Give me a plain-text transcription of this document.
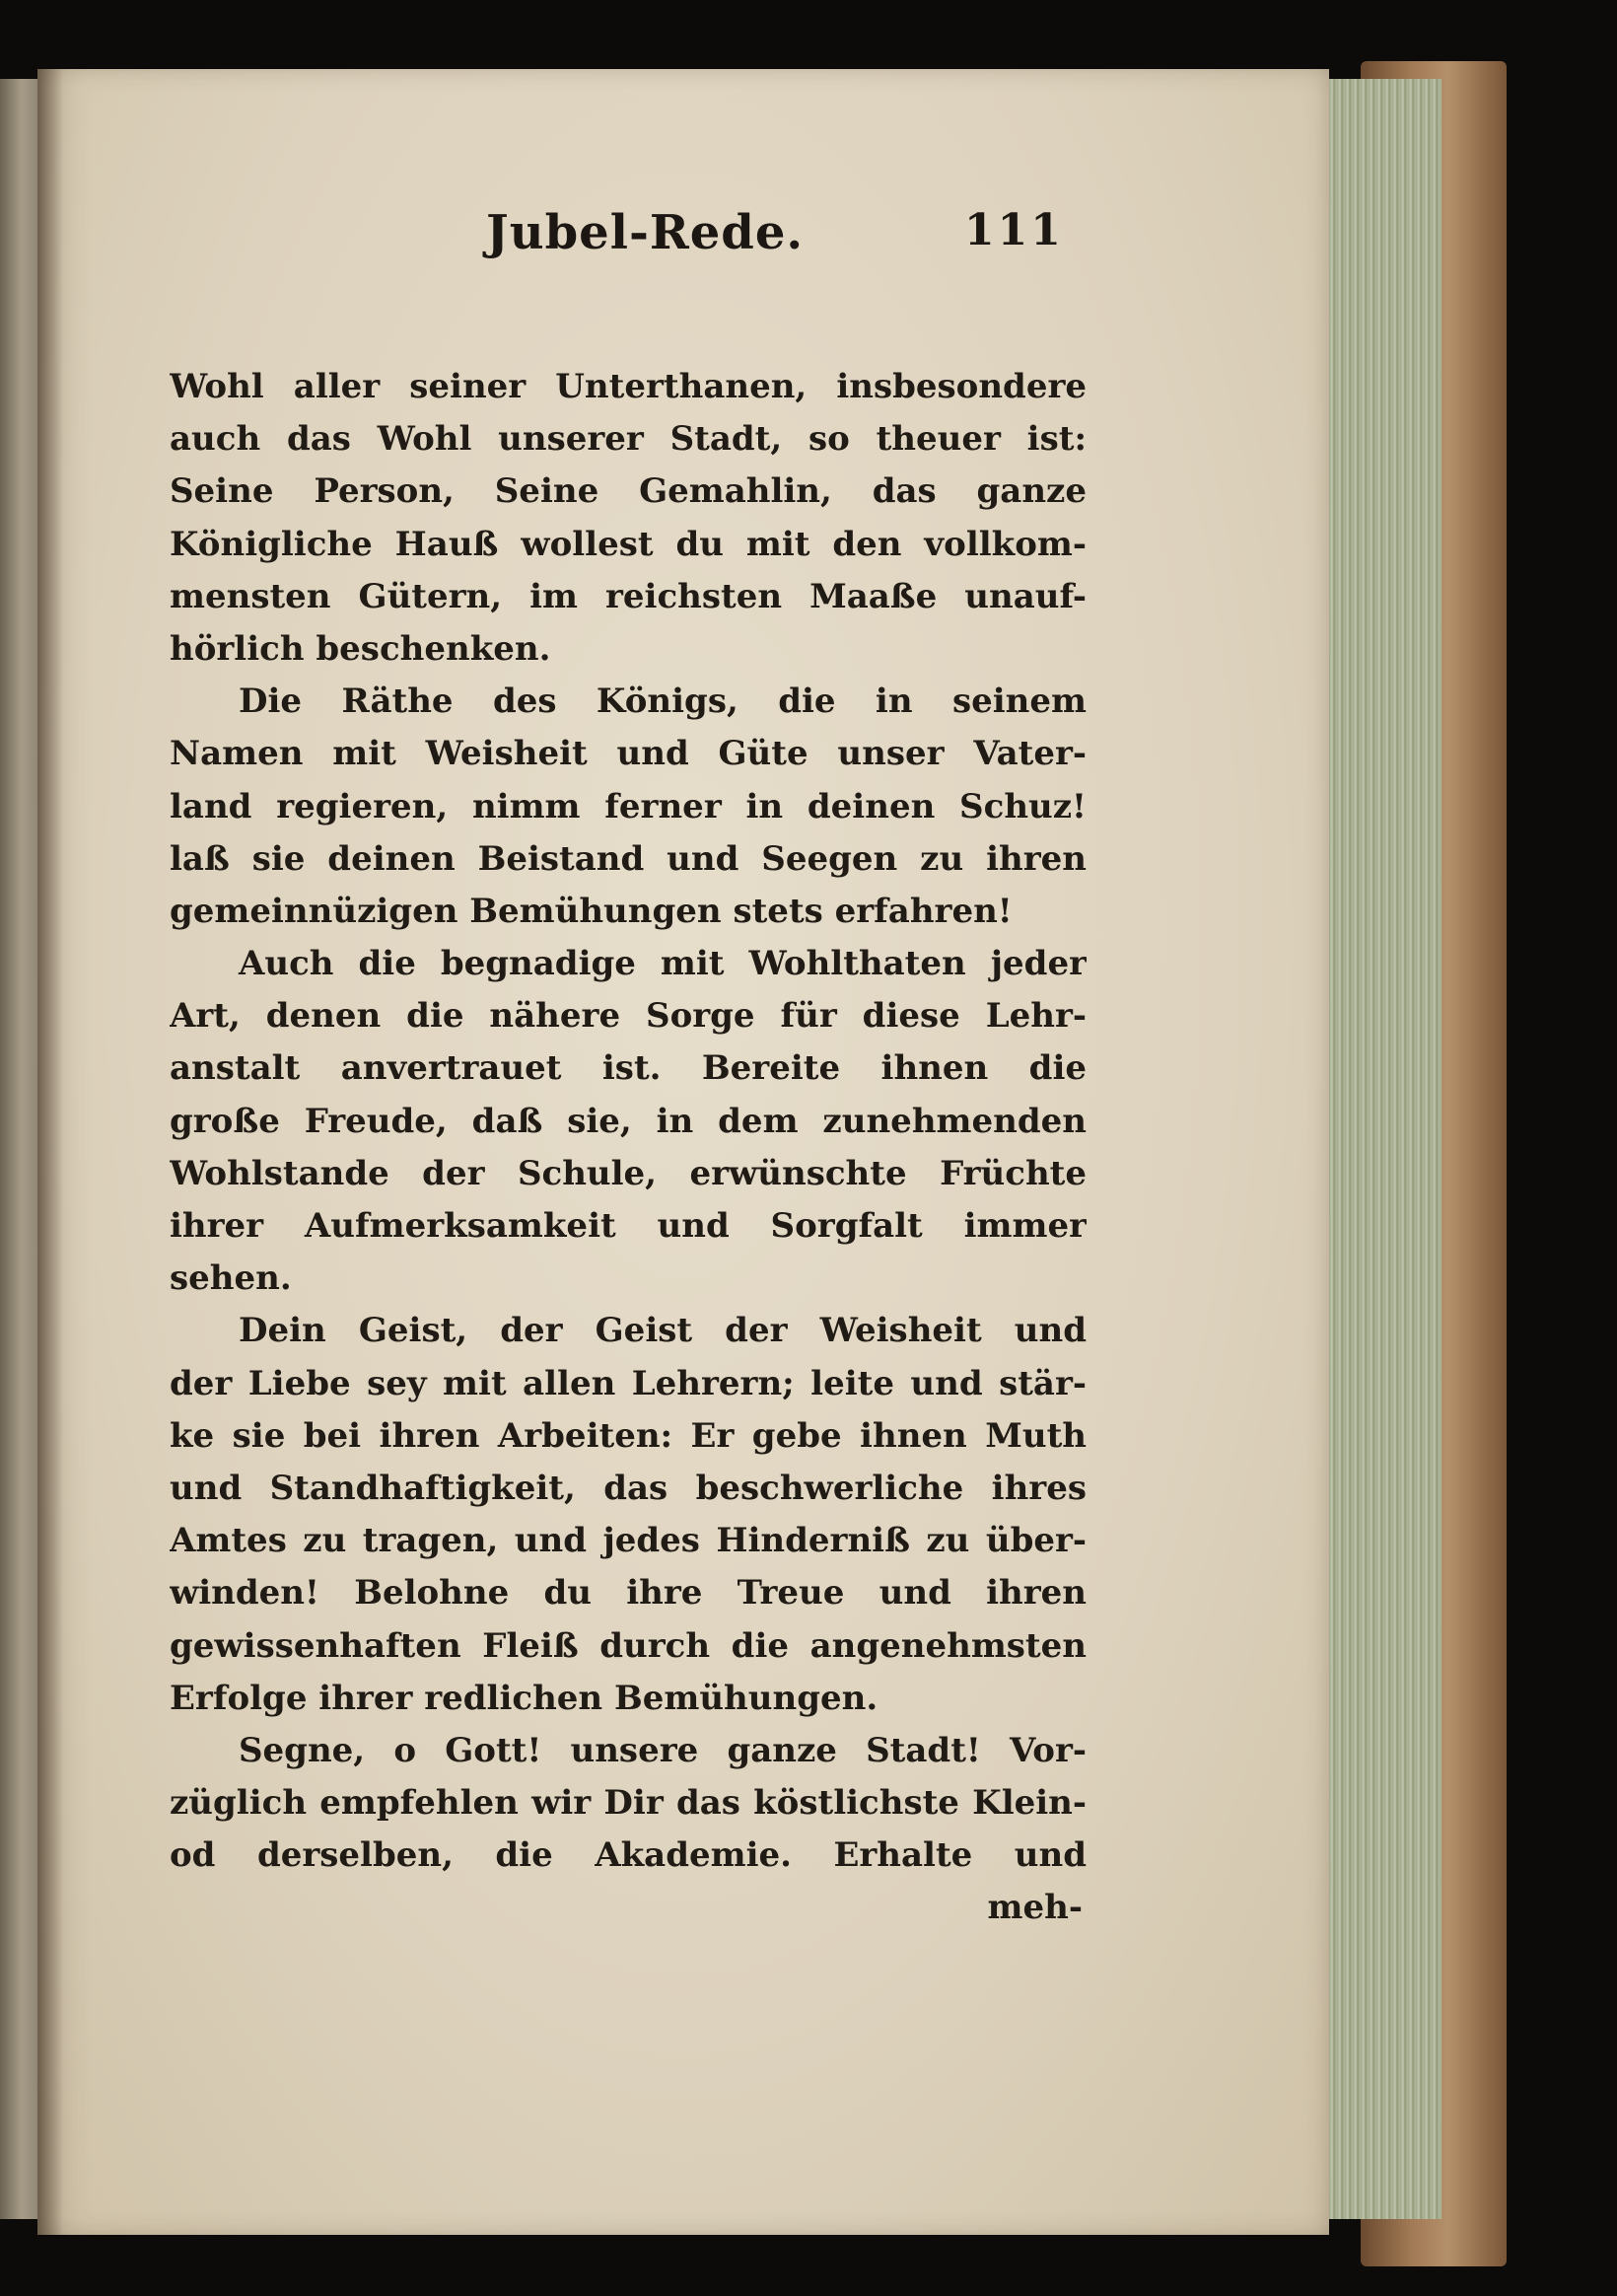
Jubel-Rede.	111
Wohl aller seiner Unterthanen, insbesondere
auch das Wohl unserer Stadt, so theuer ist:
Seine Person, Seine Gemahlin, das ganze
Königliche Hauß wollest du mit den vollkom-
mensten Gütern, im reichsten Maaße unauf-
hörlich beschenken.
Die Räthe des Königs, die in seinem
Namen mit Weisheit und Güte unser Vater-
land regieren, nimm ferner in deinen Schuz!
laß sie deinen Beistand und Seegen zu ihren
gemeinnüzigen Bemühungen stets erfahren!
Auch die begnadige mit Wohlthaten jeder
Art, denen die nähere Sorge für diese Lehr-
anstalt anvertrauet ist. Bereite ihnen die
große Freude, daß sie, in dem zunehmenden
Wohlstande der Schule, erwünschte Früchte
ihrer Aufmerksamkeit und Sorgfalt immer
sehen.
Dein Geist, der Geist der Weisheit und
der Liebe sey mit allen Lehrern; leite und stär-
ke sie bei ihren Arbeiten: Er gebe ihnen Muth
und Standhaftigkeit, das beschwerliche ihres
Amtes zu tragen, und jedes Hinderniß zu über-
winden! Belohne du ihre Treue und ihren
gewissenhaften Fleiß durch die angenehmsten
Erfolge ihrer redlichen Bemühungen.
Segne, o Gott! unsere ganze Stadt! Vor-
züglich empfehlen wir Dir das köstlichste Klein-
od derselben, die Akademie. Erhalte und
meh-
